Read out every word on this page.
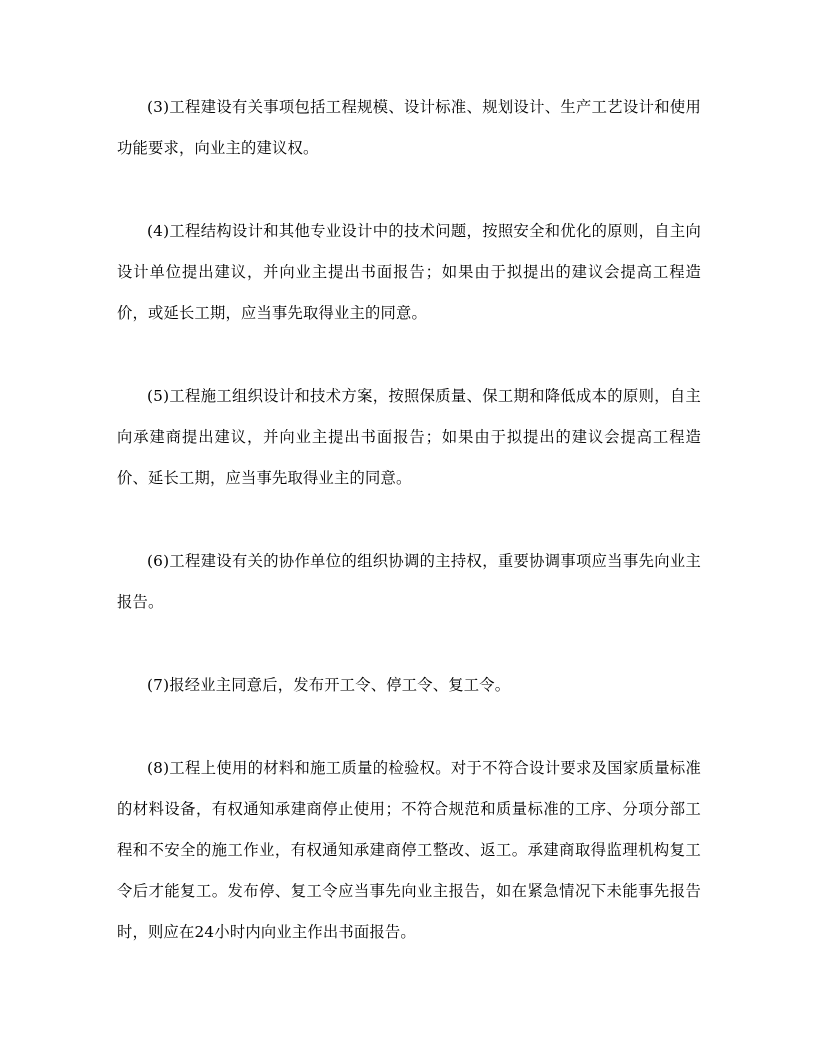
(3)工程建设有关事项包括工程规模、设计标准、规划设计、生产工艺设计和使用功能要求，向业主的建议权。

(4)工程结构设计和其他专业设计中的技术问题，按照安全和优化的原则，自主向设计单位提出建议，并向业主提出书面报告；如果由于拟提出的建议会提高工程造价，或延长工期，应当事先取得业主的同意。

(5)工程施工组织设计和技术方案，按照保质量、保工期和降低成本的原则，自主向承建商提出建议，并向业主提出书面报告；如果由于拟提出的建议会提高工程造价、延长工期，应当事先取得业主的同意。

(6)工程建设有关的协作单位的组织协调的主持权，重要协调事项应当事先向业主报告。

(7)报经业主同意后，发布开工令、停工令、复工令。

(8)工程上使用的材料和施工质量的检验权。对于不符合设计要求及国家质量标准的材料设备，有权通知承建商停止使用；不符合规范和质量标准的工序、分项分部工程和不安全的施工作业，有权通知承建商停工整改、返工。承建商取得监理机构复工令后才能复工。发布停、复工令应当事先向业主报告，如在紧急情况下未能事先报告时，则应在24小时内向业主作出书面报告。
